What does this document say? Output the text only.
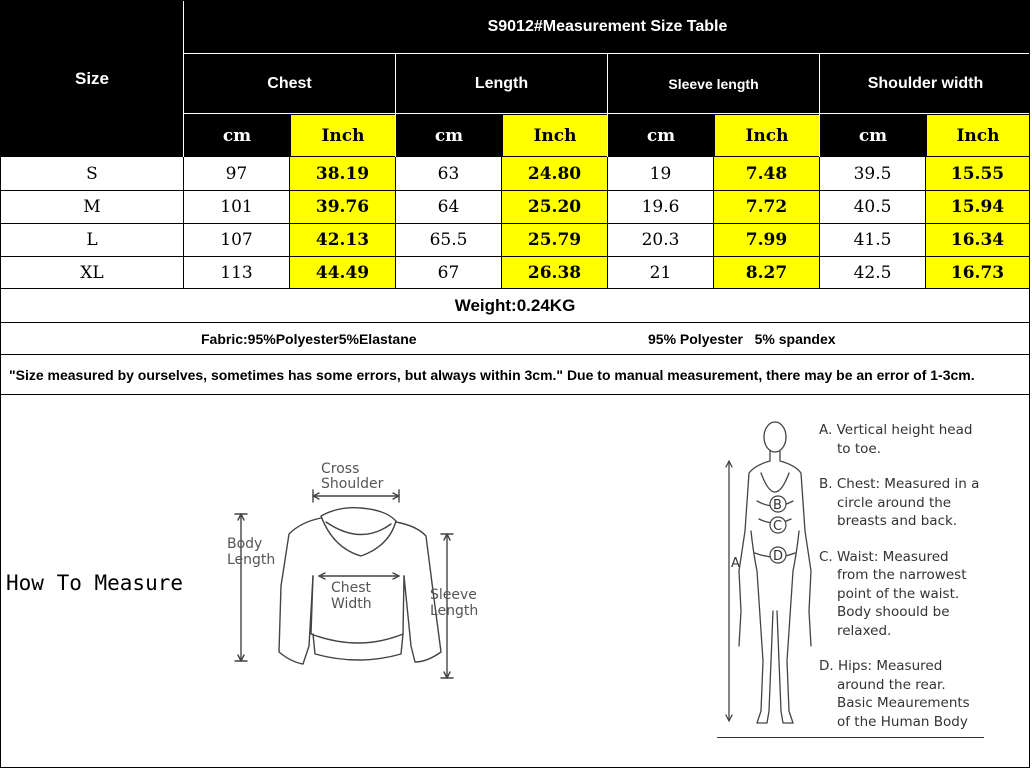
Size
S9012#Measurement Size Table
Chest	Length	Sleeve length	Shoulder width
cm	Inch	cm	Inch	cm	Inch	cm	Inch
S	97	38.19	63	24.80	19	7.48	39.5	15.55
M	101	39.76	64	25.20	19.6	7.72	40.5	15.94
L	107	42.13	65.5	25.79	20.3	7.99	41.5	16.34
XL	113	44.49	67	26.38	21	8.27	42.5	16.73
Weight:0.24KG
Fabric:95%Polyester5%Elastane	95% Polyester   5% spandex
"Size measured by ourselves, sometimes has some errors, but always within 3cm." Due to manual measurement, there may be an error of 1-3cm.
How To Measure
Cross
Shoulder
Body
Length
Chest
Width
Sleeve
Length
B
C
D
A
A. Vertical height head
to toe.
B. Chest: Measured in a
circle around the
breasts and back.
C. Waist: Measured
from the narrowest
point of the waist.
Body shoould be
relaxed.
D. Hips: Measured
around the rear.
Basic Meaurements
of the Human Body
